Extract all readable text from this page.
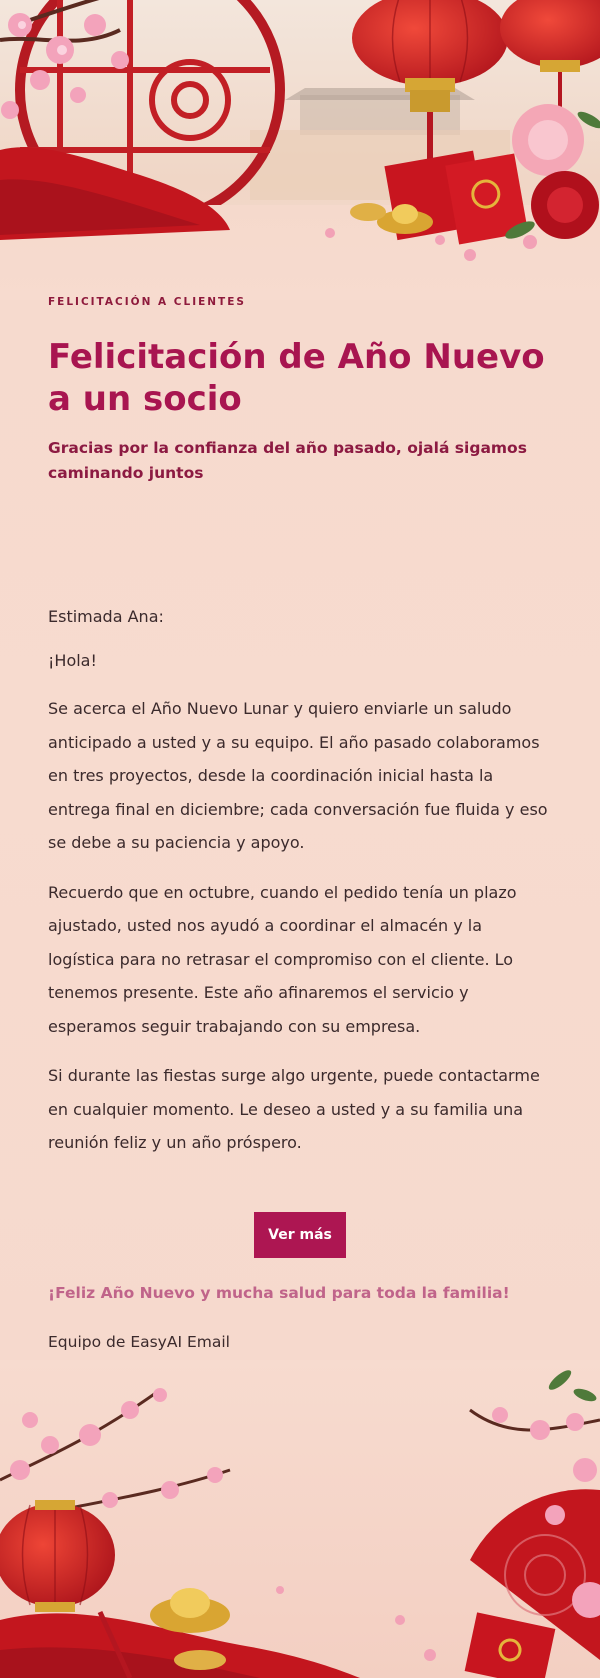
FELICITACIÓN A CLIENTES

Felicitación de Año Nuevo a un socio

Gracias por la confianza del año pasado, ojalá sigamos caminando juntos

Estimada Ana:

¡Hola!

Se acerca el Año Nuevo Lunar y quiero enviarle un saludo anticipado a usted y a su equipo. El año pasado colaboramos en tres proyectos, desde la coordinación inicial hasta la entrega final en diciembre; cada conversación fue fluida y eso se debe a su paciencia y apoyo.

Recuerdo que en octubre, cuando el pedido tenía un plazo ajustado, usted nos ayudó a coordinar el almacén y la logística para no retrasar el compromiso con el cliente. Lo tenemos presente. Este año afinaremos el servicio y esperamos seguir trabajando con su empresa.

Si durante las fiestas surge algo urgente, puede contactarme en cualquier momento. Le deseo a usted y a su familia una reunión feliz y un año próspero.

Ver más
¡Feliz Año Nuevo y mucha salud para toda la familia!
Equipo de EasyAI Email
